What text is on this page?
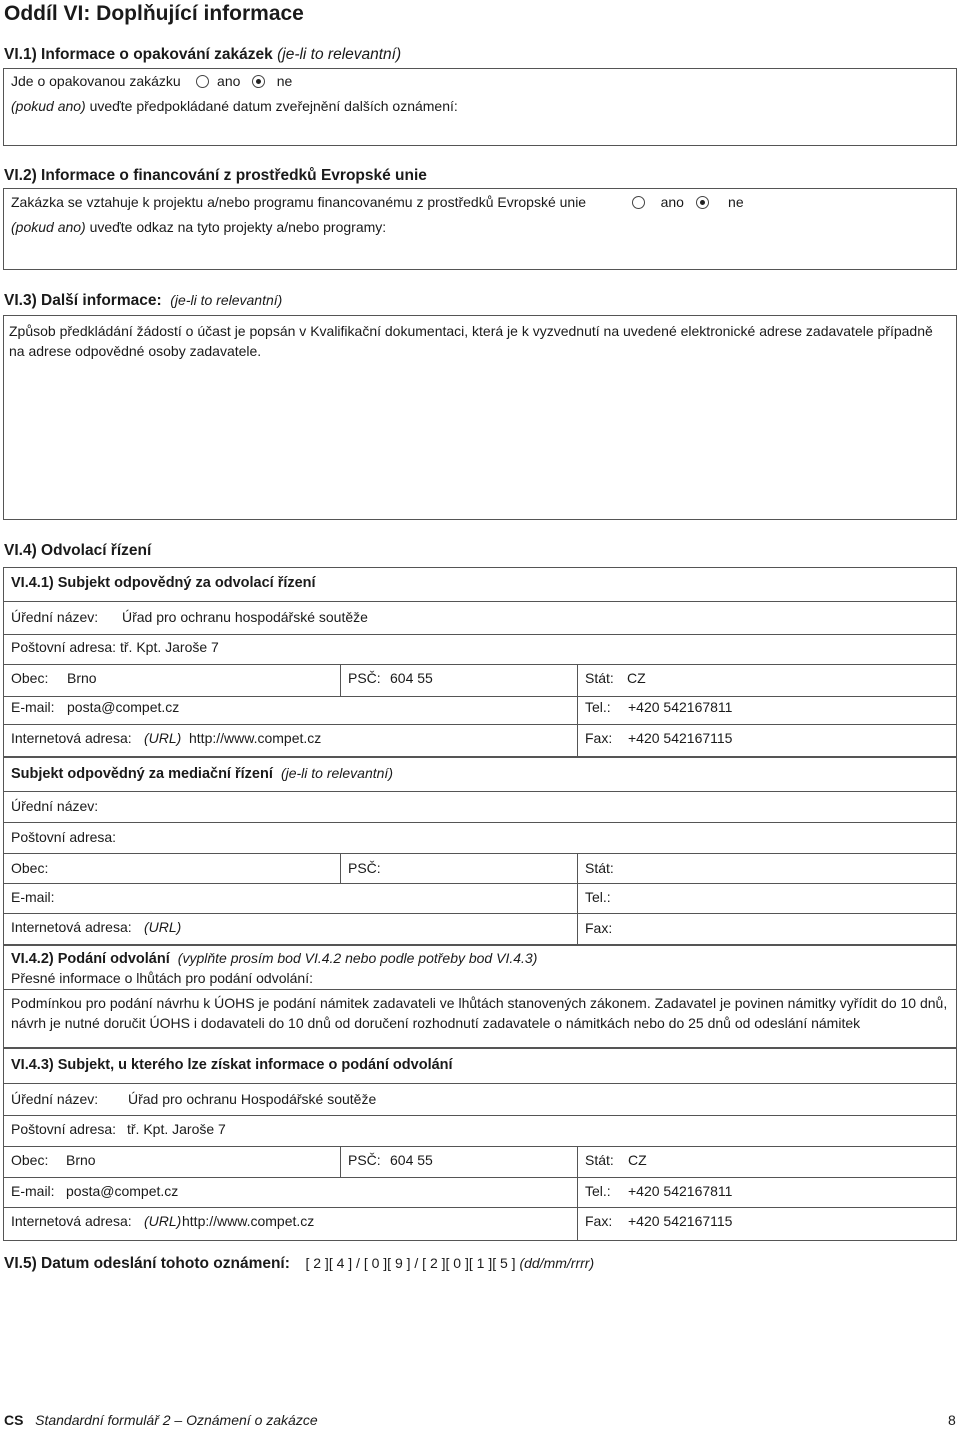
Oddíl VI: Doplňující informace
VI.1) Informace o opakování zakázek (je-li to relevantní)
Jde o opakovanou zakázku	ano	ne
(pokud ano) uveďte předpokládané datum zveřejnění dalších oznámení:
VI.2) Informace o financování z prostředků Evropské unie
Zakázka se vztahuje k projektu a/nebo programu financovanému z prostředků Evropské unie	ano	ne
(pokud ano) uveďte odkaz na tyto projekty a/nebo programy:
VI.3) Další informace: (je-li to relevantní)
Způsob předkládání žádostí o účast je popsán v Kvalifikační dokumentaci, která je k vyzvednutí na uvedené elektronické adrese zadavatele případně na adrese odpovědné osoby zadavatele.
VI.4) Odvolací řízení
VI.4.1) Subjekt odpovědný za odvolací řízení
Úřední název: Úřad pro ochranu hospodářské soutěže
Poštovní adresa: tř. Kpt. Jaroše 7
Obec: Brno	PSČ: 604 55	Stát: CZ
E-mail: posta@compet.cz	Tel.: +420 542167811
Internetová adresa: (URL) http://www.compet.cz	Fax: +420 542167115
Subjekt odpovědný za mediační řízení (je-li to relevantní)
Úřední název:
Poštovní adresa:
Obec:	PSČ:	Stát:
E-mail:	Tel.:
Internetová adresa: (URL)	Fax:
VI.4.2) Podání odvolání (vyplňte prosím bod VI.4.2 nebo podle potřeby bod VI.4.3)
Přesné informace o lhůtách pro podání odvolání:
Podmínkou pro podání návrhu k ÚOHS je podání námitek zadavateli ve lhůtách stanovených zákonem. Zadavatel je povinen námitky vyřídit do 10 dnů, návrh je nutné doručit ÚOHS i dodavateli do 10 dnů od doručení rozhodnutí zadavatele o námitkách nebo do 25 dnů od odeslání námitek
VI.4.3) Subjekt, u kterého lze získat informace o podání odvolání
Úřední název: Úřad pro ochranu Hospodářské soutěže
Poštovní adresa: tř. Kpt. Jaroše 7
Obec: Brno	PSČ: 604 55	Stát: CZ
E-mail: posta@compet.cz	Tel.: +420 542167811
Internetová adresa: (URL) http://www.compet.cz	Fax: +420 542167115
VI.5) Datum odeslání tohoto oznámení: [ 2 ][ 4 ] / [ 0 ][ 9 ] / [ 2 ][ 0 ][ 1 ][ 5 ] (dd/mm/rrrr)
CS Standardní formulář 2 – Oznámení o zakázce	8
